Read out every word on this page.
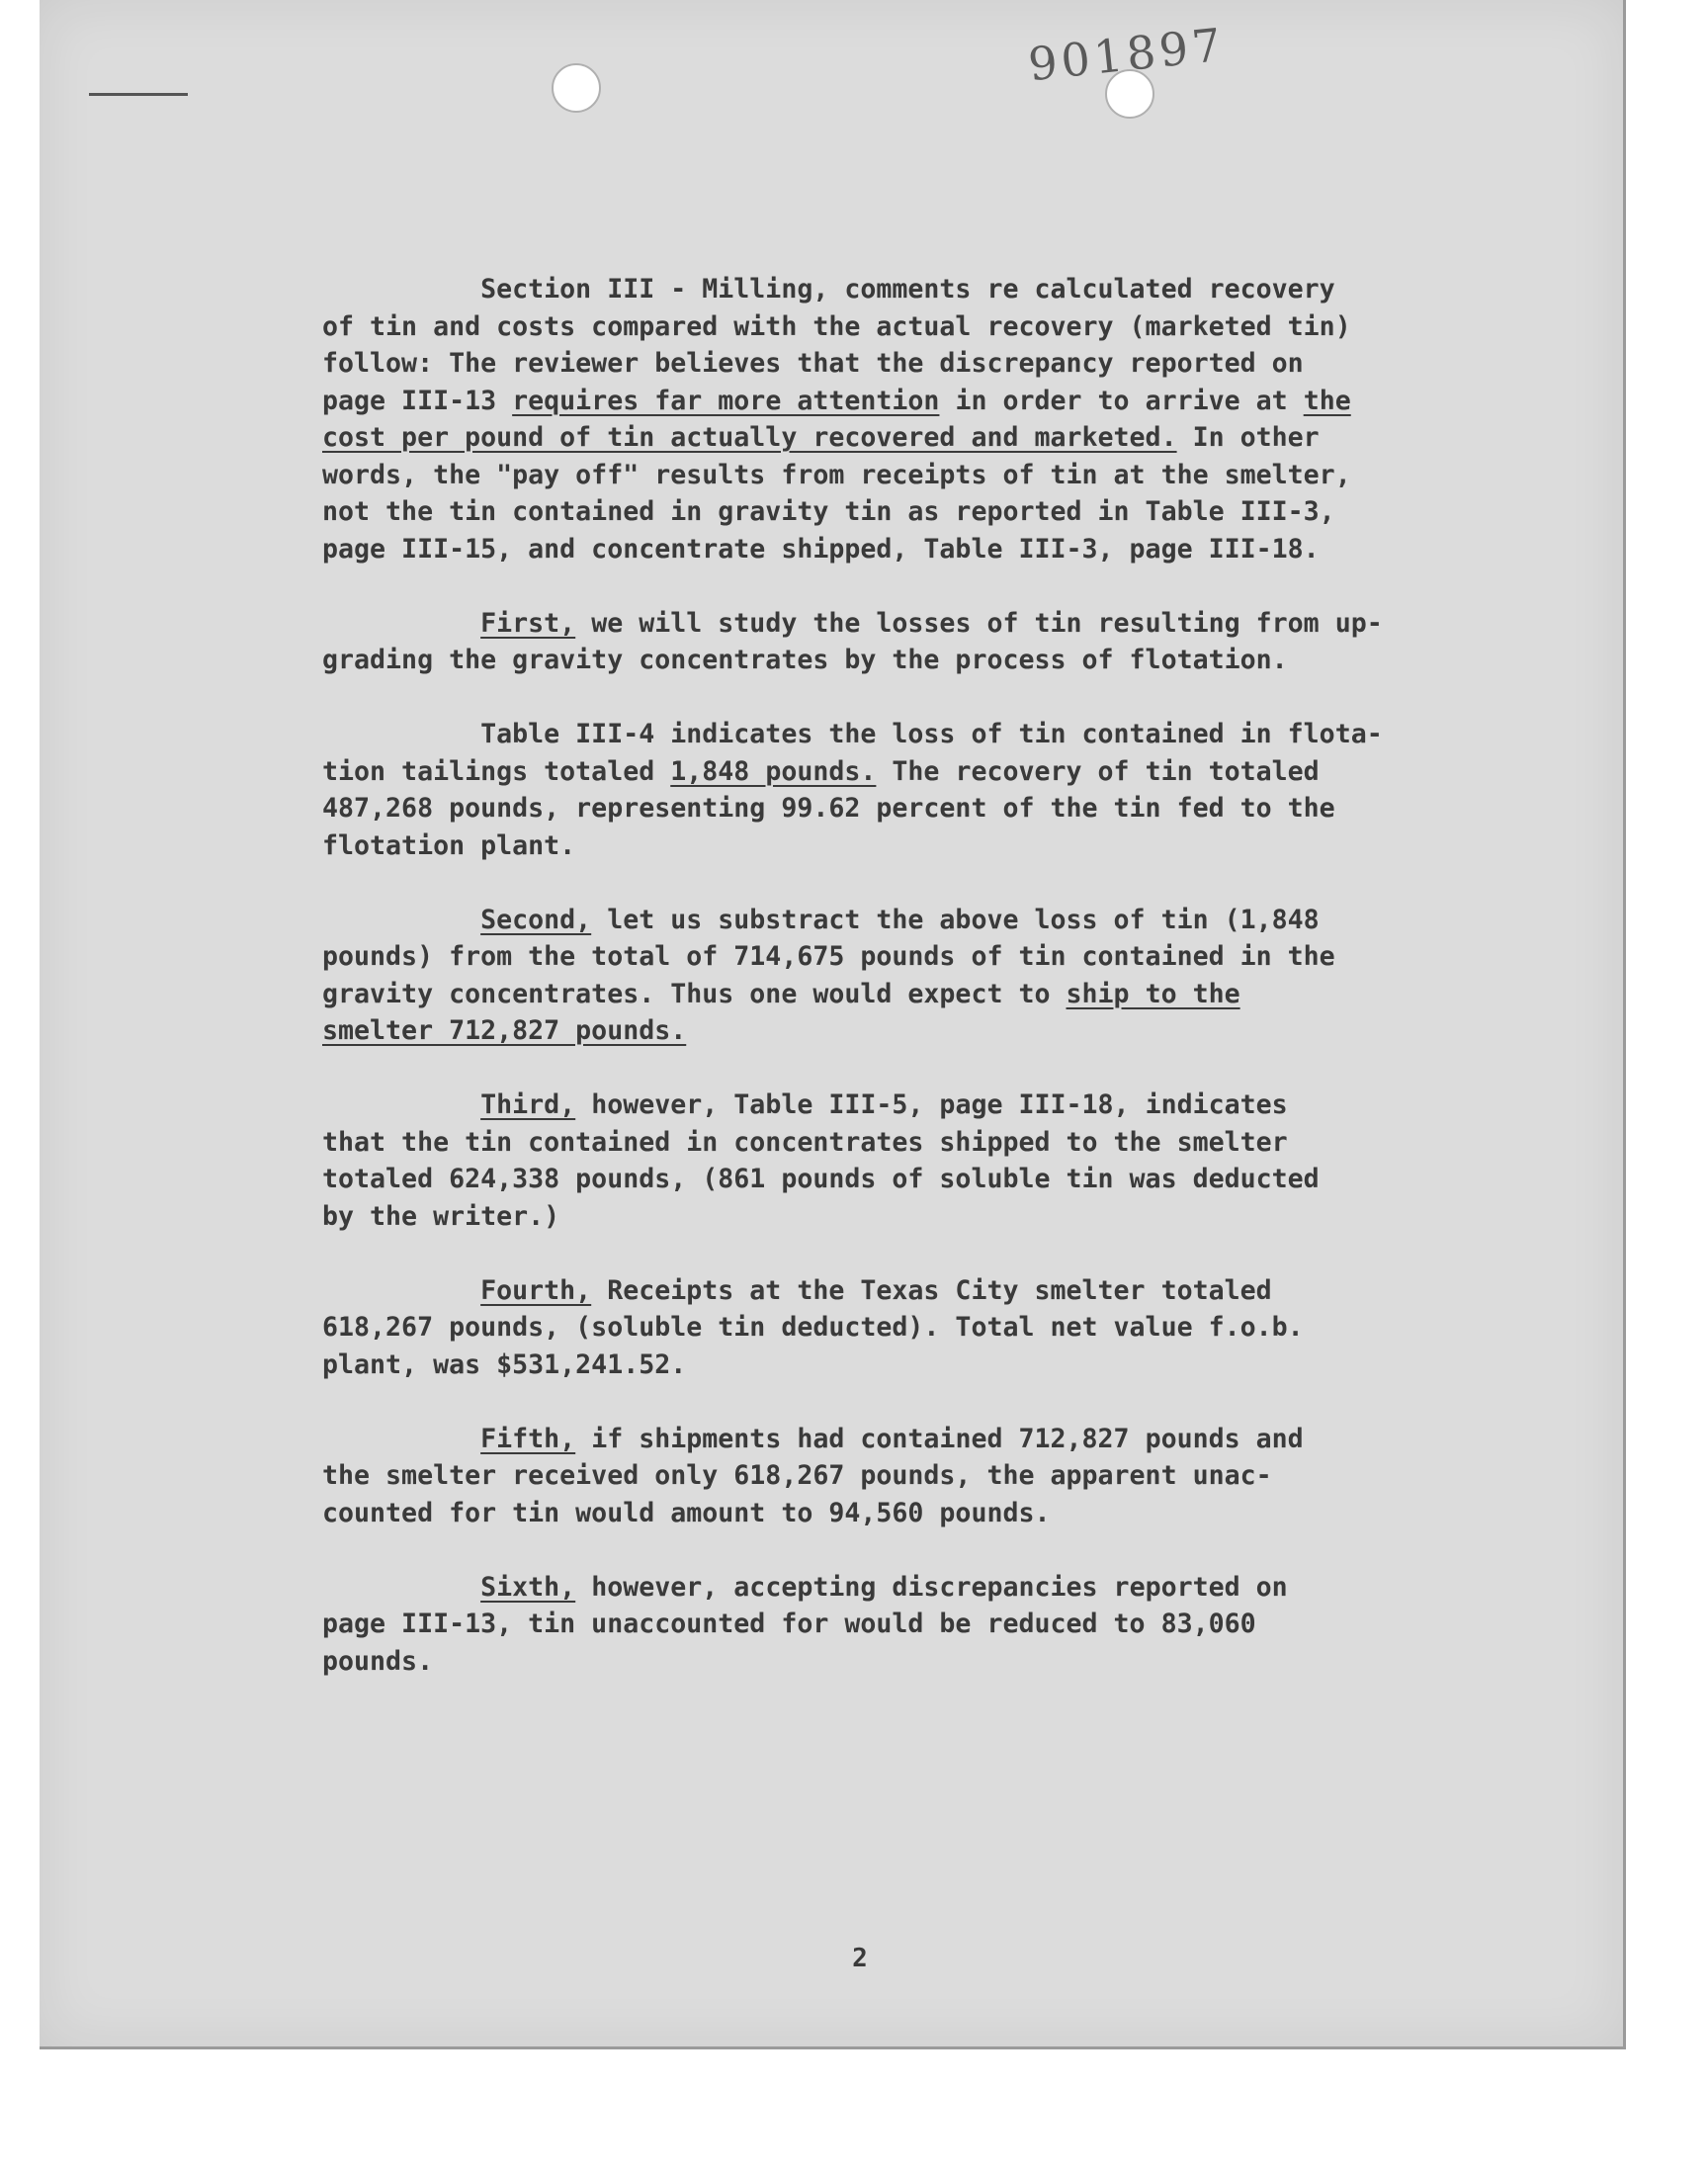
901897
Section III - Milling, comments re calculated recovery
of tin and costs compared with the actual recovery (marketed tin)
follow: The reviewer believes that the discrepancy reported on
page III-13 requires far more attention in order to arrive at the
cost per pound of tin actually recovered and marketed. In other
words, the "pay off" results from receipts of tin at the smelter,
not the tin contained in gravity tin as reported in Table III-3,
page III-15, and concentrate shipped, Table III-3, page III-18.
First, we will study the losses of tin resulting from up-
grading the gravity concentrates by the process of flotation.
Table III-4 indicates the loss of tin contained in flota-
tion tailings totaled 1,848 pounds. The recovery of tin totaled
487,268 pounds, representing 99.62 percent of the tin fed to the
flotation plant.
Second, let us substract the above loss of tin (1,848
pounds) from the total of 714,675 pounds of tin contained in the
gravity concentrates. Thus one would expect to ship to the
smelter 712,827 pounds.
Third, however, Table III-5, page III-18, indicates
that the tin contained in concentrates shipped to the smelter
totaled 624,338 pounds, (861 pounds of soluble tin was deducted
by the writer.)
Fourth, Receipts at the Texas City smelter totaled
618,267 pounds, (soluble tin deducted). Total net value f.o.b.
plant, was $531,241.52.
Fifth, if shipments had contained 712,827 pounds and
the smelter received only 618,267 pounds, the apparent unac-
counted for tin would amount to 94,560 pounds.
Sixth, however, accepting discrepancies reported on
page III-13, tin unaccounted for would be reduced to 83,060
pounds.
2
